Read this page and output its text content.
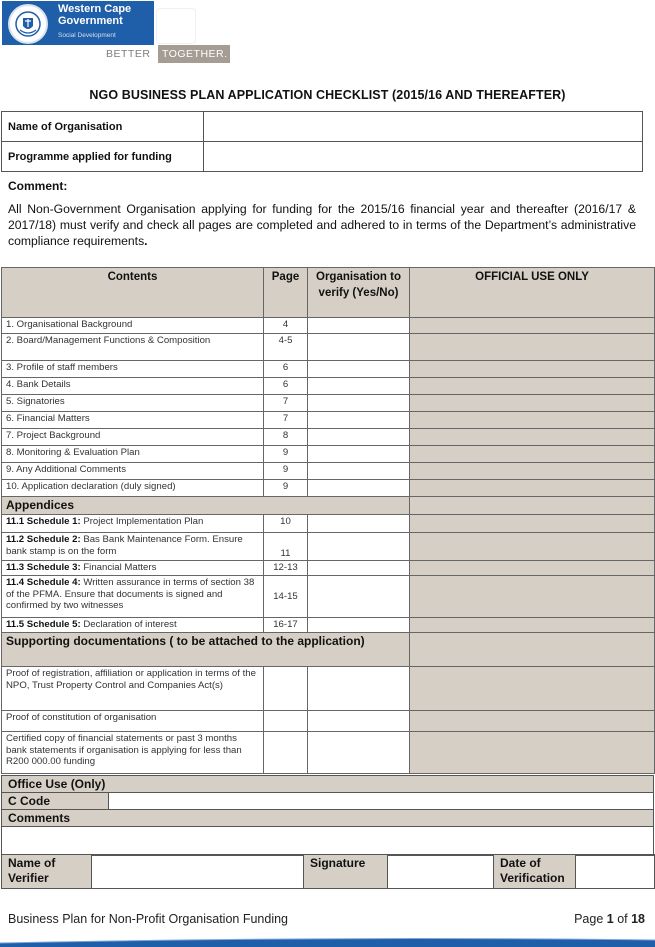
Western Cape
Government
Social Development
BETTER TOGETHER.
NGO BUSINESS PLAN APPLICATION CHECKLIST (2015/16 AND THEREAFTER)
Name of Organisation	
Programme applied for funding	
Comment:
All Non-Government Organisation applying for funding for the 2015/16 financial year and thereafter (2016/17 & 2017/18) must verify and check all pages are completed and adhered to in terms of the Department’s administrative compliance requirements.
Contents	Page	Organisation to verify (Yes/No)	OFFICIAL USE ONLY
1. Organisational Background	4		
2. Board/Management Functions & Composition	4-5		
3. Profile of staff members	6		
4. Bank Details	6		
5. Signatories	7		
6. Financial Matters	7		
7. Project Background	8		
8. Monitoring & Evaluation Plan	9		
9. Any Additional Comments	9		
10. Application declaration (duly signed)	9		
Appendices			
11.1 Schedule 1: Project Implementation Plan	10		
11.2 Schedule 2: Bas Bank Maintenance Form. Ensure bank stamp is on the form	11		
11.3 Schedule 3: Financial Matters	12-13		
11.4 Schedule 4: Written assurance in terms of section 38 of the PFMA. Ensure that documents is signed and confirmed by two witnesses	14-15		
11.5 Schedule 5: Declaration of interest	16-17		
Supporting documentations ( to be attached to the application)			
Proof of registration, affiliation or application in terms of the NPO, Trust Property Control and Companies Act(s)			
Proof of constitution of organisation			
Certified copy of financial statements or past 3 months bank statements if organisation is applying for less than R200 000.00 funding			
Office Use (Only)
C Code
Comments
Name of Verifier		Signature		Date of Verification	
Business Plan for Non-Profit Organisation Funding	Page 1 of 18
